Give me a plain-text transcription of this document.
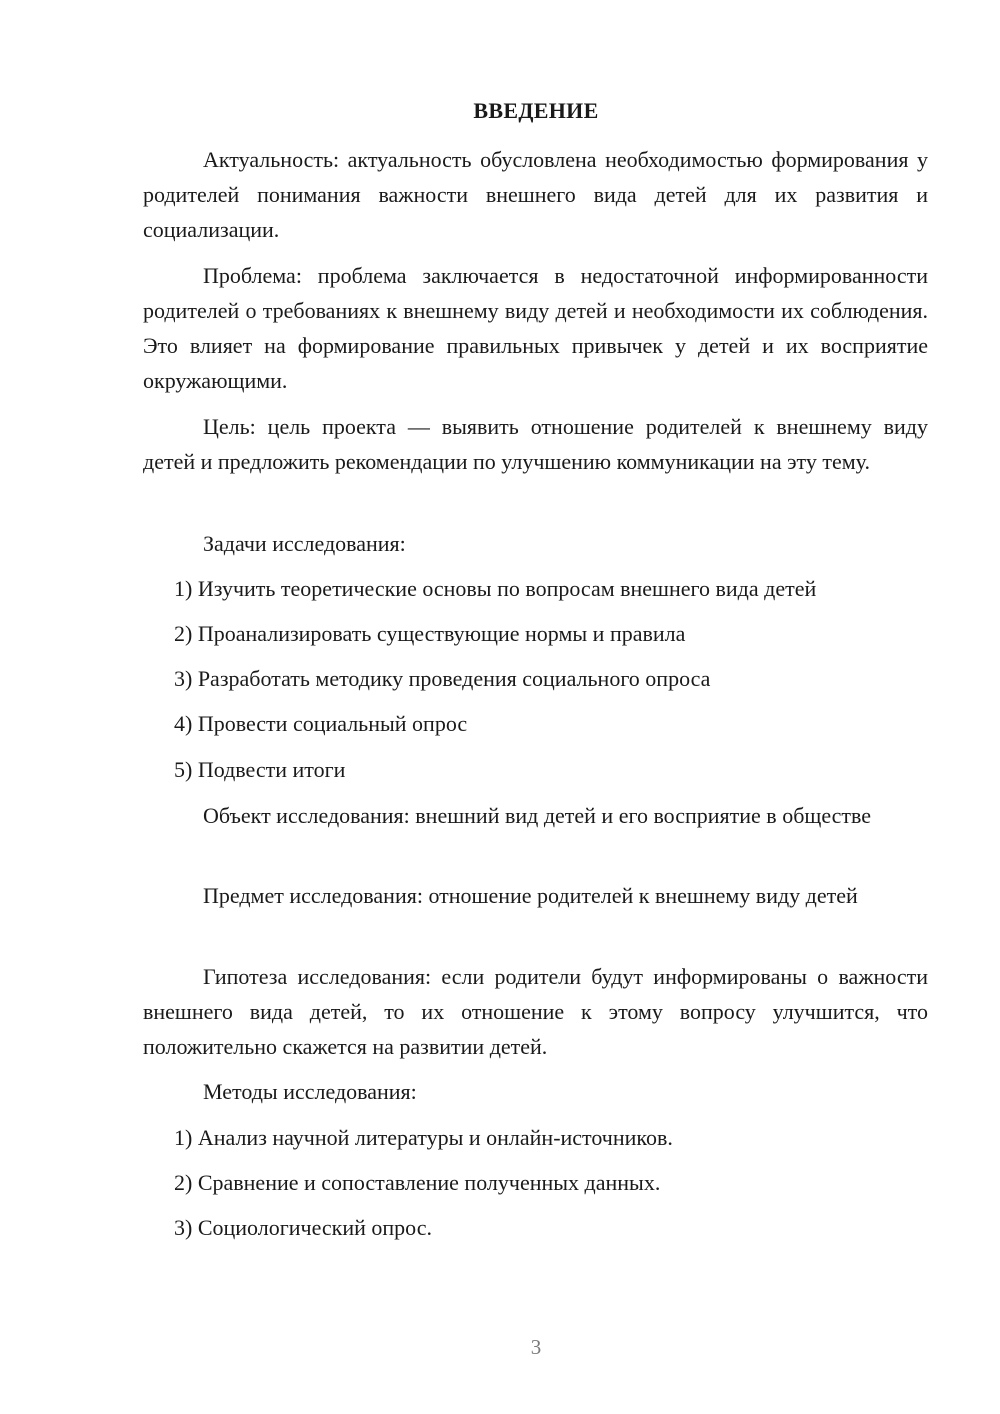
ВВЕДЕНИЕ

Актуальность: актуальность обусловлена необходимостью формирования у родителей понимания важности внешнего вида детей для их развития и социализации.

Проблема: проблема заключается в недостаточной информированности родителей о требованиях к внешнему виду детей и необходимости их соблюдения. Это влияет на формирование правильных привычек у детей и их восприятие окружающими.

Цель: цель проекта — выявить отношение родителей к внешнему виду детей и предложить рекомендации по улучшению коммуникации на эту тему.

Задачи исследования:

1) Изучить теоретические основы по вопросам внешнего вида детей

2) Проанализировать существующие нормы и правила

3) Разработать методику проведения социального опроса

4) Провести социальный опрос

5) Подвести итоги

Объект исследования: внешний вид детей и его восприятие в обществе

Предмет исследования: отношение родителей к внешнему виду детей

Гипотеза исследования: если родители будут информированы о важности внешнего вида детей, то их отношение к этому вопросу улучшится, что положительно скажется на развитии детей.

Методы исследования:

1) Анализ научной литературы и онлайн-источников.

2) Сравнение и сопоставление полученных данных.

3) Социологический опрос.

3
